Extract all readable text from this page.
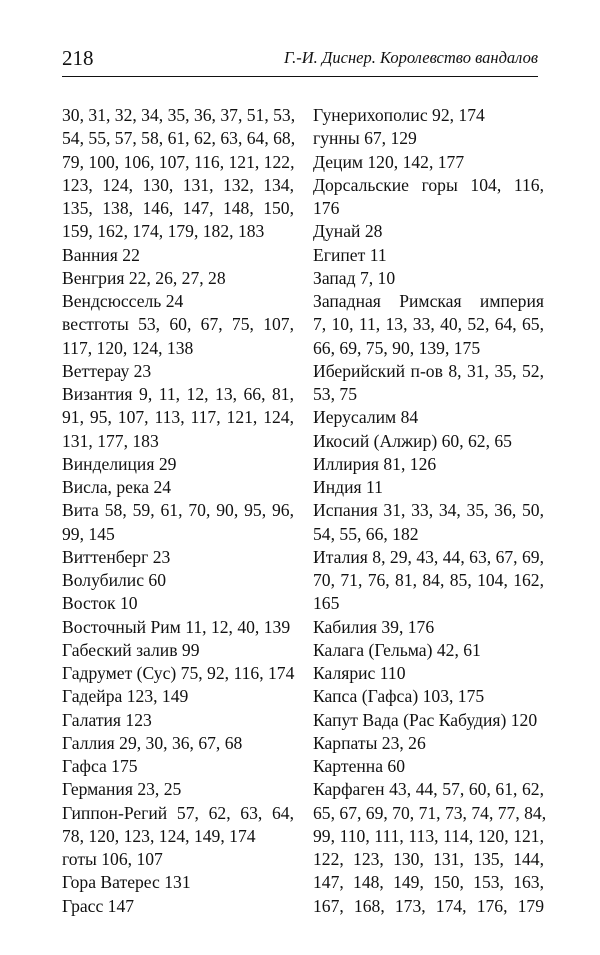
218	Г.-И. Диснер. Королевство вандалов
30, 31, 32, 34, 35, 36, 37, 51, 53,
54, 55, 57, 58, 61, 62, 63, 64, 68,
79, 100, 106, 107, 116, 121, 122,
123, 124, 130, 131, 132, 134,
135, 138, 146, 147, 148, 150,
159, 162, 174, 179, 182, 183
Ванния 22
Венгрия 22, 26, 27, 28
Вендсюссель 24
вестготы 53, 60, 67, 75, 107,
117, 120, 124, 138
Веттерау 23
Византия 9, 11, 12, 13, 66, 81,
91, 95, 107, 113, 117, 121, 124,
131, 177, 183
Винделиция 29
Висла, река 24
Вита 58, 59, 61, 70, 90, 95, 96,
99, 145
Виттенберг 23
Волубилис 60
Восток 10
Восточный Рим 11, 12, 40, 139
Габеский залив 99
Гадрумет (Сус) 75, 92, 116, 174
Гадейра 123, 149
Галатия 123
Галлия 29, 30, 36, 67, 68
Гафса 175
Германия 23, 25
Гиппон-Регий 57, 62, 63, 64,
78, 120, 123, 124, 149, 174
готы 106, 107
Гора Ватерес 131
Грасс 147
Гунерихополис 92, 174
гунны 67, 129
Децим 120, 142, 177
Дорсальские горы 104, 116,
176
Дунай 28
Египет 11
Запад 7, 10
Западная Римская империя
7, 10, 11, 13, 33, 40, 52, 64, 65,
66, 69, 75, 90, 139, 175
Иберийский п-ов 8, 31, 35, 52,
53, 75
Иерусалим 84
Икосий (Алжир) 60, 62, 65
Иллирия 81, 126
Индия 11
Испания 31, 33, 34, 35, 36, 50,
54, 55, 66, 182
Италия 8, 29, 43, 44, 63, 67, 69,
70, 71, 76, 81, 84, 85, 104, 162,
165
Кабилия 39, 176
Калага (Гельма) 42, 61
Калярис 110
Капса (Гафса) 103, 175
Капут Вада (Рас Кабудия) 120
Карпаты 23, 26
Картенна 60
Карфаген 43, 44, 57, 60, 61, 62,
65, 67, 69, 70, 71, 73, 74, 77, 84,
99, 110, 111, 113, 114, 120, 121,
122, 123, 130, 131, 135, 144,
147, 148, 149, 150, 153, 163,
167, 168, 173, 174, 176, 179
